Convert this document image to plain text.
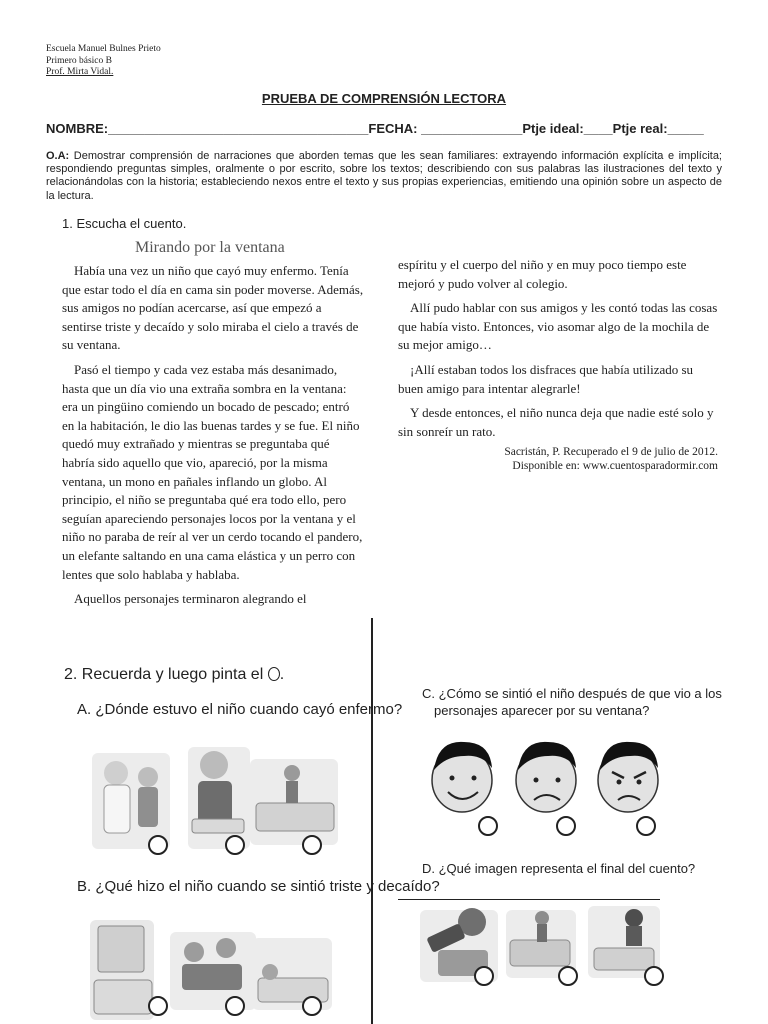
Escuela Manuel Bulnes Prieto
Primero básico B
Prof. Mirta Vidal.
PRUEBA DE COMPRENSIÓN LECTORA
NOMBRE:____________________________________FECHA: ______________Ptje ideal:____Ptje real:_____
O.A: Demostrar comprensión de narraciones que aborden temas que les sean familiares: extrayendo información explícita e implícita; respondiendo preguntas simples, oralmente o por escrito, sobre los textos; describiendo con sus palabras las ilustraciones del texto y relacionándolas con la historia; estableciendo nexos entre el texto y sus propias experiencias, emitiendo una opinión sobre un aspecto de la lectura.
1. Escucha el cuento.
Mirando por la ventana

Había una vez un niño que cayó muy enfermo. Tenía que estar todo el día en cama sin poder moverse. Además, sus amigos no podían acercarse, así que empezó a sentirse triste y decaído y solo miraba el cielo a través de su ventana.

Pasó el tiempo y cada vez estaba más desanimado, hasta que un día vio una extraña sombra en la ventana: era un pingüino comiendo un bocado de pescado; entró en la habitación, le dio las buenas tardes y se fue. El niño quedó muy extrañado y mientras se preguntaba qué habría sido aquello que vio, apareció, por la misma ventana, un mono en pañales inflando un globo. Al principio, el niño se preguntaba qué era todo ello, pero seguían apareciendo personajes locos por la ventana y el niño no paraba de reír al ver un cerdo tocando el pandero, un elefante saltando en una cama elástica y un perro con lentes que solo hablaba y hablaba.

Aquellos personajes terminaron alegrando el

espíritu y el cuerpo del niño y en muy poco tiempo este mejoró y pudo volver al colegio.

Allí pudo hablar con sus amigos y les contó todas las cosas que había visto. Entonces, vio asomar algo de la mochila de su mejor amigo…

¡Allí estaban todos los disfraces que había utilizado su buen amigo para intentar alegrarle!

Y desde entonces, el niño nunca deja que nadie esté solo y sin sonreír un rato.

Sacristán, P. Recuperado el 9 de julio de 2012.
Disponible en: www.cuentosparadormir.com
2. Recuerda y luego pinta el .
A. ¿Dónde estuvo el niño cuando cayó enfermo?
B. ¿Qué hizo el niño cuando se sintió triste y decaído?
C. ¿Cómo se sintió el niño después de que vio a los
personajes aparecer por su ventana?
D. ¿Qué imagen representa el final del cuento?
